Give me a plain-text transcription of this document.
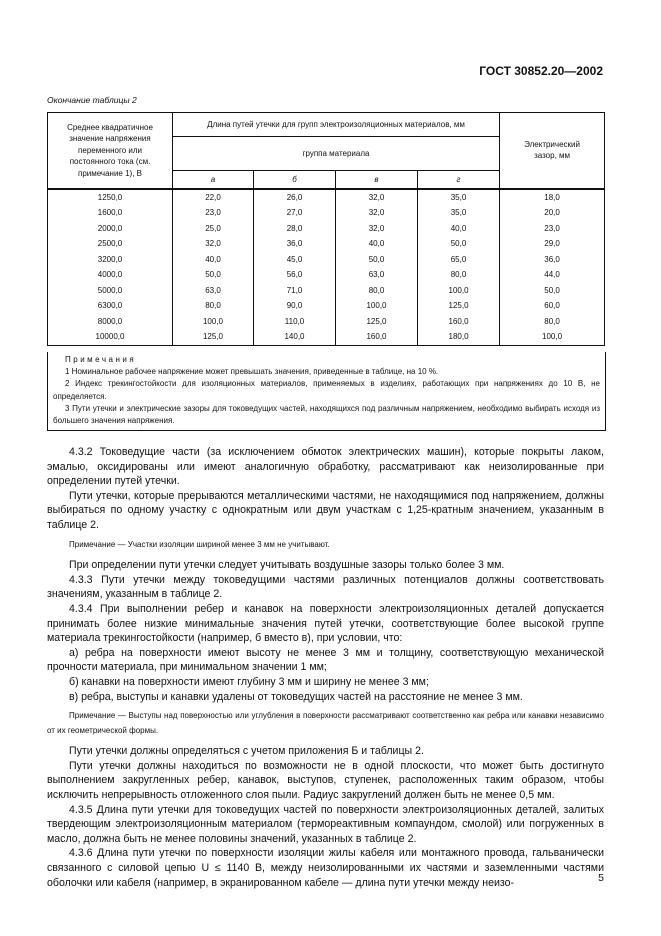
ГОСТ 30852.20—2002
Окончание таблицы 2
Среднее квадратичное значение напряжения переменного или постоянного тока (см. примечание 1), В	Длина путей утечки для групп электроизоляционных материалов, мм				Электрический зазор, мм
	группа материала				
	а	б	в	г	
1250,0	22,0	26,0	32,0	35,0	18,0
1600,0	23,0	27,0	32,0	35,0	20,0
2000,0	25,0	28,0	32,0	40,0	23,0
2500,0	32,0	36,0	40,0	50,0	29,0
3200,0	40,0	45,0	50,0	65,0	36,0
4000,0	50,0	56,0	63,0	80,0	44,0
5000,0	63,0	71,0	80,0	100,0	50,0
6300,0	80,0	90,0	100,0	125,0	60,0
8000,0	100,0	110,0	125,0	160,0	80,0
10000,0	125,0	140,0	160,0	180,0	100,0

Примечания

1 Номинальное рабочее напряжение может превышать значения, приведенные в таблице, на 10 %.

2 Индекс трекингостойкости для изоляционных материалов, применяемых в изделиях, работающих при напряжениях до 10 В, не определяется.

3 Пути утечки и электрические зазоры для токоведущих частей, находящихся под различным напряжением, необходимо выбирать исходя из большего значения напряжения.

4.3.2 Токоведущие части (за исключением обмоток электрических машин), которые покрыты лаком, эмалью, оксидированы или имеют аналогичную обработку, рассматривают как неизолированные при определении путей утечки.

Пути утечки, которые прерываются металлическими частями, не находящимися под напряжением, должны выбираться по одному участку с однократным или двум участкам с 1,25-кратным значением, указанным в таблице 2.

Примечание — Участки изоляции шириной менее 3 мм не учитывают.

При определении пути утечки следует учитывать воздушные зазоры только более 3 мм.

4.3.3 Пути утечки между токоведущими частями различных потенциалов должны соответствовать значениям, указанным в таблице 2.

4.3.4 При выполнении ребер и канавок на поверхности электроизоляционных деталей допускается принимать более низкие минимальные значения путей утечки, соответствующие более высокой группе материала трекингостойкости (например, б вместо в), при условии, что:

а) ребра на поверхности имеют высоту не менее 3 мм и толщину, соответствующую механической прочности материала, при минимальном значении 1 мм;

б) канавки на поверхности имеют глубину 3 мм и ширину не менее 3 мм;

в) ребра, выступы и канавки удалены от токоведущих частей на расстояние не менее 3 мм.

Примечание — Выступы над поверхностью или углубления в поверхности рассматривают соответственно как ребра или канавки независимо от их геометрической формы.

Пути утечки должны определяться с учетом приложения Б и таблицы 2.

Пути утечки должны находиться по возможности не в одной плоскости, что может быть достигнуто выполнением закругленных ребер, канавок, выступов, ступенек, расположенных таким образом, чтобы исключить непрерывность отложенного слоя пыли. Радиус закруглений должен быть не менее 0,5 мм.

4.3.5 Длина пути утечки для токоведущих частей по поверхности электроизоляционных деталей, залитых твердеющим электроизоляционным материалом (термореактивным компаундом, смолой) или погруженных в масло, должна быть не менее половины значений, указанных в таблице 2.

4.3.6 Длина пути утечки по поверхности изоляции жилы кабеля или монтажного провода, гальванически связанного с силовой цепью U ≤ 1140 В, между неизолированными их частями и заземленными частями оболочки или кабеля (например, в экранированном кабеле — длина пути утечки между неизо-	5
